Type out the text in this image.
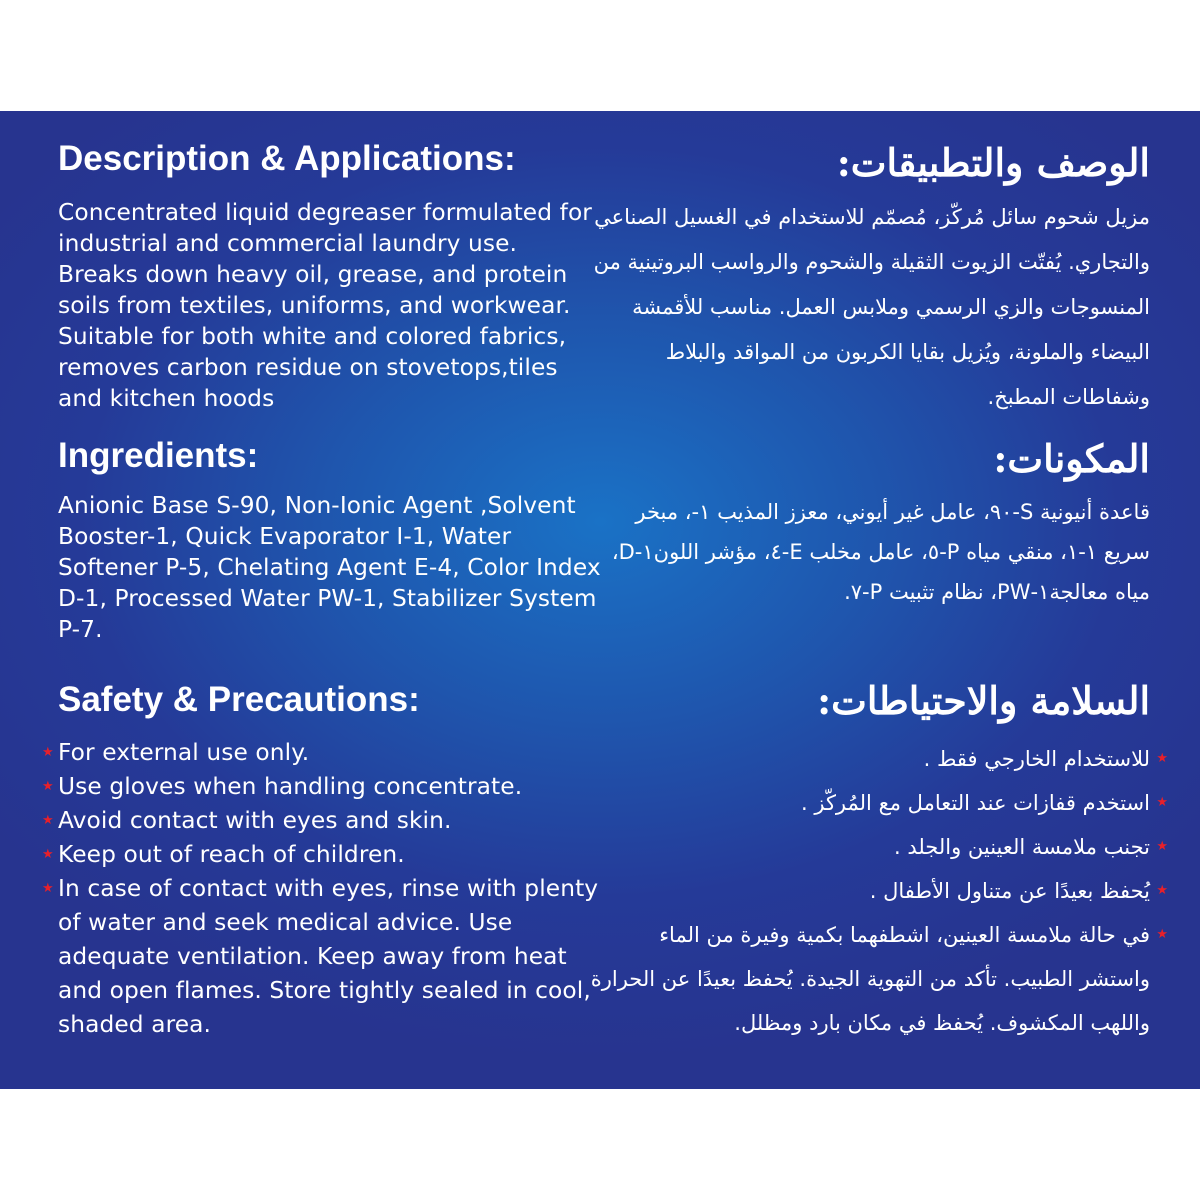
Description & Applications:

Concentrated liquid degreaser formulated for industrial and commercial laundry use. Breaks down heavy oil, grease, and protein soils from textiles, uniforms, and workwear. Suitable for both white and colored fabrics, removes carbon residue on stovetops,tiles and kitchen hoods

Ingredients:

Anionic Base S-90, Non-Ionic Agent ,Solvent Booster-1, Quick Evaporator I-1, Water Softener P-5, Chelating Agent E-4, Color Index D-1, Processed Water PW-1, Stabilizer System P-7.

Safety & Precautions:
★ For external use only.
★ Use gloves when handling concentrate.
★ Avoid contact with eyes and skin.
★ Keep out of reach of children.
★ In case of contact with eyes, rinse with plenty of water and seek medical advice. Use adequate ventilation. Keep away from heat and open flames. Store tightly sealed in cool, shaded area.
الوصف والتطبيقات:

مزيل شحوم سائل مُركّز، مُصمّم للاستخدام في الغسيل الصناعي والتجاري. يُفتّت الزيوت الثقيلة والشحوم والرواسب البروتينية من المنسوجات والزي الرسمي وملابس العمل. مناسب للأقمشة البيضاء والملونة، ويُزيل بقايا الكربون من المواقد والبلاط وشفاطات المطبخ.

المكونات:

قاعدة أنيونية S-٩٠، عامل غير أيوني، معزز المذيب ١-، مبخر سريع ١-١، منقي مياه P-٥، عامل مخلب E-٤، مؤشر اللون١-D، مياه معالجة١-PW، نظام تثبيت P-٧.

السلامة والاحتياطات:
★
للاستخدام الخارجي فقط .
★
استخدم قفازات عند التعامل مع المُركّز .
★
تجنب ملامسة العينين والجلد .
★
يُحفظ بعيدًا عن متناول الأطفال .
★
في حالة ملامسة العينين، اشطفهما بكمية وفيرة من الماء واستشر الطبيب. تأكد من التهوية الجيدة. يُحفظ بعيدًا عن الحرارة واللهب المكشوف. يُحفظ في مكان بارد ومظلل.
